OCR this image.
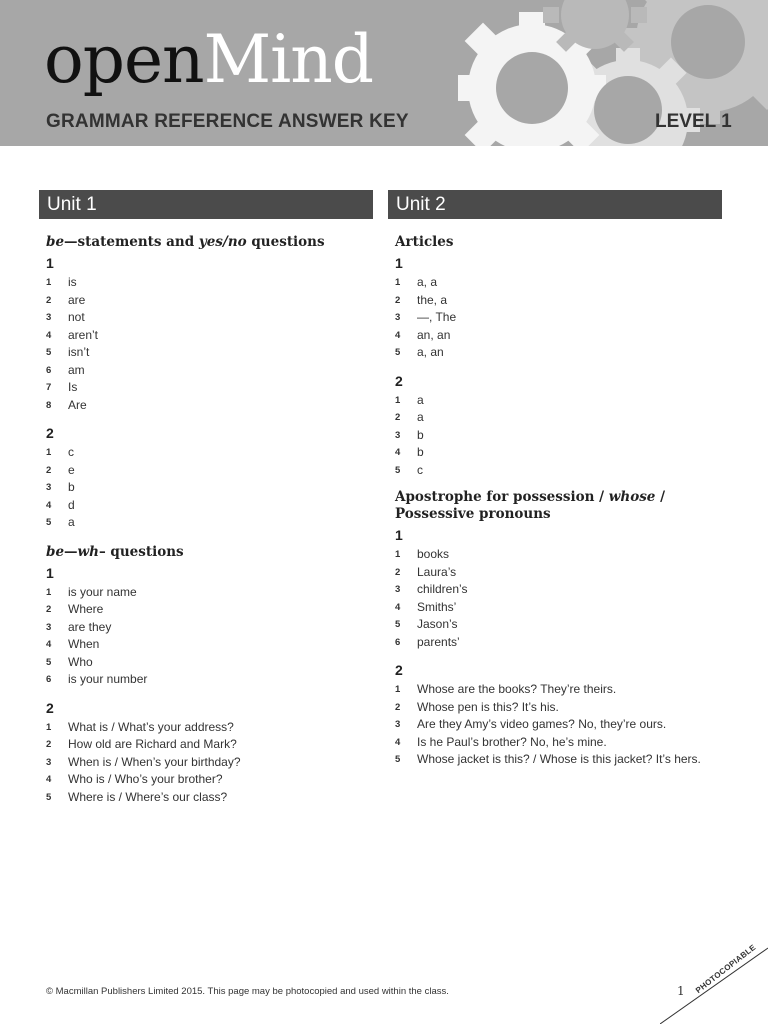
openMind
GRAMMAR REFERENCE ANSWER KEY	LEVEL 1
Unit 1
be—statements and yes/no questions
1
1 is
2 are
3 not
4 aren’t
5 isn’t
6 am
7 Is
8 Are
2
1 c
2 e
3 b
4 d
5 a
be—wh– questions
1
1 is your name
2 Where
3 are they
4 When
5 Who
6 is your number
2
1 What is / What’s your address?
2 How old are Richard and Mark?
3 When is / When’s your birthday?
4 Who is / Who’s your brother?
5 Where is / Where’s our class?
Unit 2
Articles
1
1 a, a
2 the, a
3 —, The
4 an, an
5 a, an
2
1 a
2 a
3 b
4 b
5 c
Apostrophe for possession / whose /
Possessive pronouns
1
1 books
2 Laura’s
3 children’s
4 Smiths’
5 Jason’s
6 parents’
2
1 Whose are the books? They’re theirs.
2 Whose pen is this? It’s his.
3 Are they Amy’s video games? No, they’re ours.
4 Is he Paul’s brother? No, he’s mine.
5 Whose jacket is this? / Whose is this jacket? It’s hers.
© Macmillan Publishers Limited 2015. This page may be photocopied and used within the class.	1 PHOTOCOPIABLE
